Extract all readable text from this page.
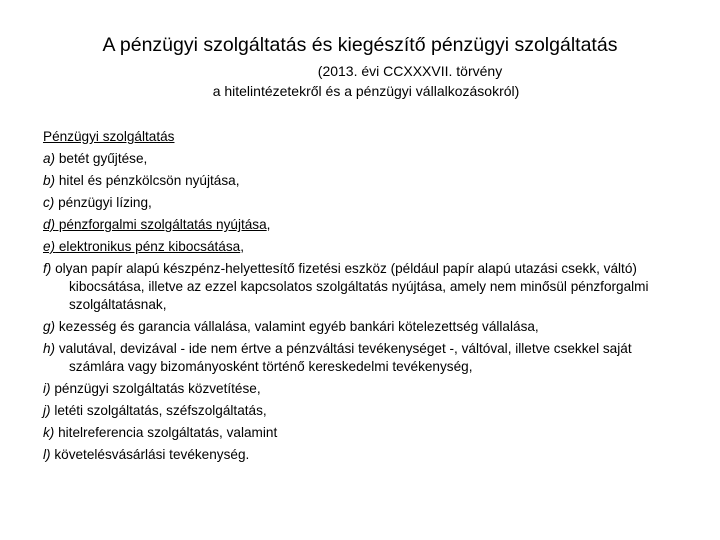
A pénzügyi szolgáltatás és kiegészítő pénzügyi szolgáltatás
(2013. évi CCXXXVII. törvény
a hitelintézetekről és a pénzügyi vállalkozásokról)
Pénzügyi szolgáltatás
a) betét gyűjtése,
b) hitel és pénzkölcsön nyújtása,
c) pénzügyi lízing,
d) pénzforgalmi szolgáltatás nyújtása,
e) elektronikus pénz kibocsátása,
f) olyan papír alapú készpénz-helyettesítő fizetési eszköz (például papír alapú utazási csekk, váltó) kibocsátása, illetve az ezzel kapcsolatos szolgáltatás nyújtása, amely nem minősül pénzforgalmi szolgáltatásnak,
g) kezesség és garancia vállalása, valamint egyéb bankári kötelezettség vállalása,
h) valutával, devizával - ide nem értve a pénzváltási tevékenységet -, váltóval, illetve csekkel saját számlára vagy bizományosként történő kereskedelmi tevékenység,
i) pénzügyi szolgáltatás közvetítése,
j) letéti szolgáltatás, széfszolgáltatás,
k) hitelreferencia szolgáltatás, valamint
l) követelésvásárlási tevékenység.
